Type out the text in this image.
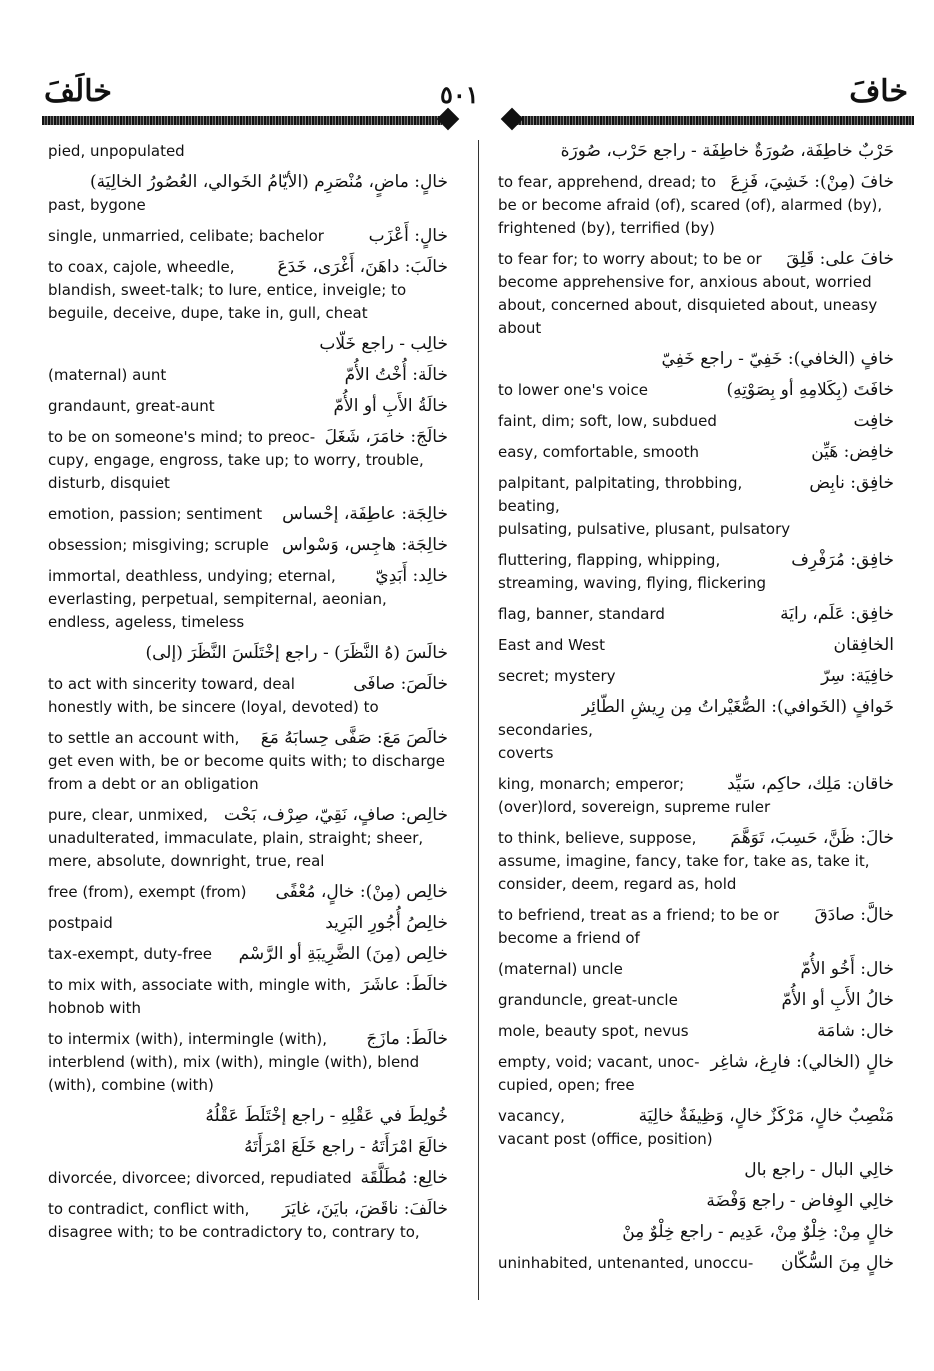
خافَ
٥٠١
خالَفَ
حَرْبٌ خاطِفَة، صُورَةٌ خاطِفَة - راجع حَرْب، صُورَة
خافَ (مِنْ): خَشِيَ، فَزِعَ
to fear, apprehend, dread; to
be or become afraid (of), scared (of), alarmed (by), frightened (by), terrified (by)
خافَ على: قَلِقَ
to fear for; to worry about; to be or
become apprehensive for, anxious about, worried about, concerned about, disquieted about, uneasy about
خافٍ (الخافي): خَفِيّ - راجع خَفِيّ
خافَتَ (بِكَلامِهِ أو بِصَوْتِهِ)
to lower one's voice
خافِت
faint, dim; soft, low, subdued
خافِض: هَيِّن
easy, comfortable, smooth
خافِق: نابِض
palpitant, palpitating, throbbing, beating,
pulsating, pulsative, plusant, pulsatory
خافِق: مُرَفْرِف
fluttering, flapping, whipping,
streaming, waving, flying, flickering
خافِق: عَلَم، رايَة
flag, banner, standard
الخافِقان
East and West
خافِيَة: سِرّ
secret; mystery
خَوافٍ (الخَوافي): الصُّغَيْراتُ مِن رِيشِ الطّائِر
secondaries,
coverts
خاقان: مَلِك، حاكِم، سَيِّد
king, monarch; emperor;
(over)lord, sovereign, supreme ruler
خالَ: ظَنَّ، حَسِبَ، تَوَهَّمَ
to think, believe, suppose,
assume, imagine, fancy, take for, take as, take it, consider, deem, regard as, hold
خالَّ: صادَقَ
to befriend, treat as a friend; to be or
become a friend of
خال: أَخُو الأُمّ
(maternal) uncle
خالُ الأَبِ أو الأُمّ
granduncle, great-uncle
خال: شامَة
mole, beauty spot, nevus
خالٍ (الخالي): فارِغ، شاغِر
empty, void; vacant, unoc-
cupied, open; free
مَنْصِبٌ خالٍ، مَرْكَزٌ خالٍ، وَظِيفَةٌ خالِيَة
vacancy,
vacant post (office, position)
خالِي البال - راجع بال
خالِي الوِفاض - راجع وَفْضَة
خالٍ مِنْ: خِلْوٌ مِنْ، عَدِيم - راجع خِلْوٌ مِنْ
خالٍ مِنَ السُّكّان
uninhabited, untenanted, unoccu-
pied, unpopulated
خالٍ: ماضٍ، مُنْصَرِم (الأيّامُ الخَوالي، العُصُورُ الخالِيَة)
past, bygone
خالٍ: أَعْزَب
single, unmarried, celibate; bachelor
خالَبَ: داهَنَ، أَغْرَى، خَدَعَ
to coax, cajole, wheedle,
blandish, sweet-talk; to lure, entice, inveigle; to beguile, deceive, dupe, take in, gull, cheat
خالِب - راجع خَلّاب
خالَة: أُخْتُ الأُمّ
(maternal) aunt
خالَةُ الأَبِ أو الأُمّ
grandaunt, great-aunt
خالَجَ: خامَرَ، شَغَلَ
to be on someone's mind; to preoc-
cupy, engage, engross, take up; to worry, trouble, disturb, disquiet
خالِجَة: عاطِفَة، إحْساس
emotion, passion; sentiment
خالِجَة: هاجِس، وَسْواس
obsession; misgiving; scruple
خالِد: أَبَدِيّ
immortal, deathless, undying; eternal,
everlasting, perpetual, sempiternal, aeonian, endless, ageless, timeless
خالَسَ (هُ النَّظَرَ) - راجع إخْتَلَسَ النَّظَرَ (إلى)
خالَصَ: صافَى
to act with sincerity toward, deal
honestly with, be sincere (loyal, devoted) to
خالَصَ مَعَ: صَفَّى حِسابَهُ مَعَ
to settle an account with,
get even with, be or become quits with; to discharge from a debt or an obligation
خالِص: صافٍ، نَقِيّ، صِرْف، بَحْت
pure, clear, unmixed,
unadulterated, immaculate, plain, straight; sheer, mere, absolute, downright, true, real
خالِص (مِنْ): خالٍ، مُعْفًى
free (from), exempt (from)
خالِصُ أُجُورِ البَرِيد
postpaid
خالِص (مِنَ) الضَّرِيبَةِ أو الرَّسْم
tax-exempt, duty-free
خالَطَ: عاشَرَ
to mix with, associate with, mingle with,
hobnob with
خالَطَ: مازَجَ
to intermix (with), intermingle (with),
interblend (with), mix (with), mingle (with), blend (with), combine (with)
خُولِطَ في عَقْلِهِ - راجع إخْتَلَطَ عَقْلُهُ
خالَعَ امْرَأَتَهُ - راجع خَلَعَ امْرَأَتَهُ
خالِع: مُطَلَّقَة
divorcée, divorcee; divorced, repudiated
خالَفَ: ناقَضَ، بايَنَ، غايَرَ
to contradict, conflict with,
disagree with; to be contradictory to, contrary to,
